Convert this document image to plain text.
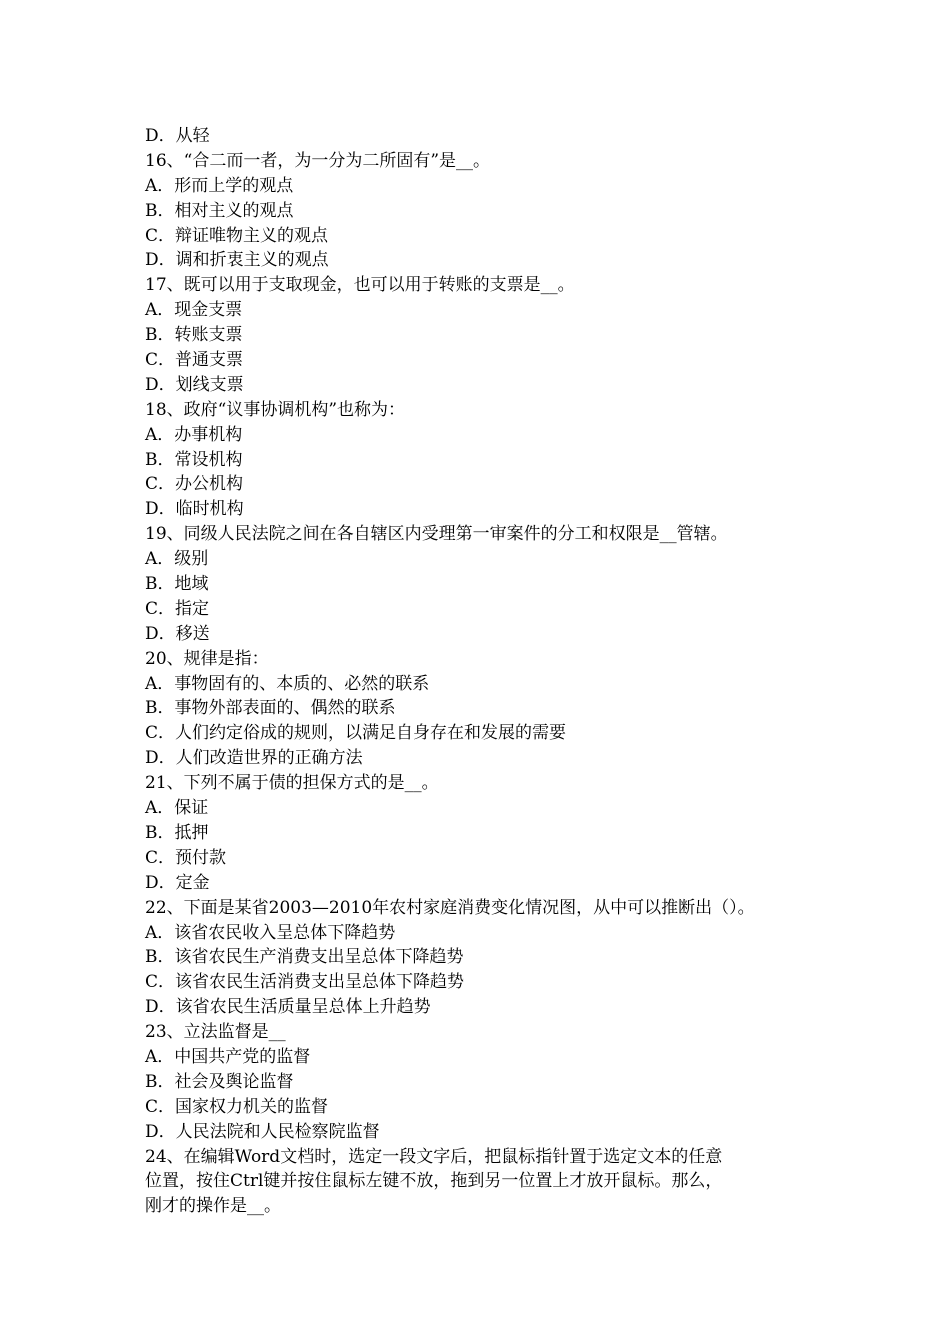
D．从轻
16、“合二而一者，为一分为二所固有”是__。
A．形而上学的观点
B．相对主义的观点
C．辩证唯物主义的观点
D．调和折衷主义的观点
17、既可以用于支取现金，也可以用于转账的支票是__。
A．现金支票
B．转账支票
C．普通支票
D．划线支票
18、政府“议事协调机构”也称为：
A．办事机构
B．常设机构
C．办公机构
D．临时机构
19、同级人民法院之间在各自辖区内受理第一审案件的分工和权限是__管辖。
A．级别
B．地域
C．指定
D．移送
20、规律是指：
A．事物固有的、本质的、必然的联系
B．事物外部表面的、偶然的联系
C．人们约定俗成的规则，以满足自身存在和发展的需要
D．人们改造世界的正确方法
21、下列不属于债的担保方式的是__。
A．保证
B．抵押
C．预付款
D．定金
22、下面是某省2003—2010年农村家庭消费变化情况图，从中可以推断出（）。
A．该省农民收入呈总体下降趋势
B．该省农民生产消费支出呈总体下降趋势
C．该省农民生活消费支出呈总体下降趋势
D．该省农民生活质量呈总体上升趋势
23、立法监督是__
A．中国共产党的监督
B．社会及舆论监督
C．国家权力机关的监督
D．人民法院和人民检察院监督
24、在编辑Word文档时，选定一段文字后，把鼠标指针置于选定文本的任意
位置，按住Ctrl键并按住鼠标左键不放，拖到另一位置上才放开鼠标。那么，
刚才的操作是__。
